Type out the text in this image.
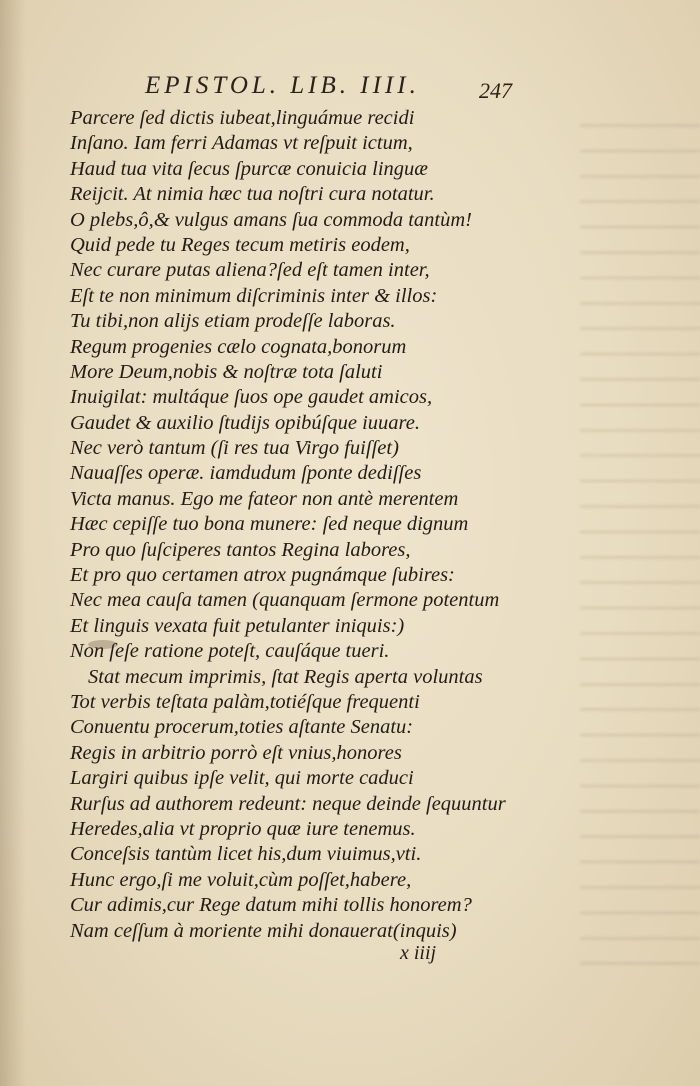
EPISTOL. LIB. IIII.	247
Parcere ſed dictis iubeat,linguámue recidi
Inſano. Iam ferri Adamas vt reſpuit ictum,
Haud tua vita ſecus ſpurcæ conuicia linguæ
Reijcit. At nimia hæc tua noſtri cura notatur.
O plebs,ô,& vulgus amans ſua commoda tantùm!
Quid pede tu Reges tecum metiris eodem,
Nec curare putas aliena?ſed eſt tamen inter,
Eſt te non minimum diſcriminis inter & illos:
Tu tibi,non alijs etiam prodeſſe laboras.
Regum progenies cælo cognata,bonorum
More Deum,nobis & noſtræ tota ſaluti
Inuigilat: multáque ſuos ope gaudet amicos,
Gaudet & auxilio ſtudijs opibúſque iuuare.
Nec verò tantum (ſi res tua Virgo fuiſſet)
Nauaſſes operæ. iamdudum ſponte dediſſes
Victa manus. Ego me fateor non antè merentem
Hæc cepiſſe tuo bona munere: ſed neque dignum
Pro quo ſuſciperes tantos Regina labores,
Et pro quo certamen atrox pugnámque ſubires:
Nec mea cauſa tamen (quanquam ſermone potentum
Et linguis vexata fuit petulanter iniquis:)
Non ſeſe ratione poteſt, cauſáque tueri.
Stat mecum imprimis, ſtat Regis aperta voluntas
Tot verbis teſtata palàm,totiéſque frequenti
Conuentu procerum,toties aſtante Senatu:
Regis in arbitrio porrò eſt vnius,honores
Largiri quibus ipſe velit, qui morte caduci
Rurſus ad authorem redeunt: neque deinde ſequuntur
Heredes,alia vt proprio quæ iure tenemus.
Conceſsis tantùm licet his,dum viuimus,vti.
Hunc ergo,ſi me voluit,cùm poſſet,habere,
Cur adimis,cur Rege datum mihi tollis honorem?
Nam ceſſum à moriente mihi donauerat(inquis)
x iiij
